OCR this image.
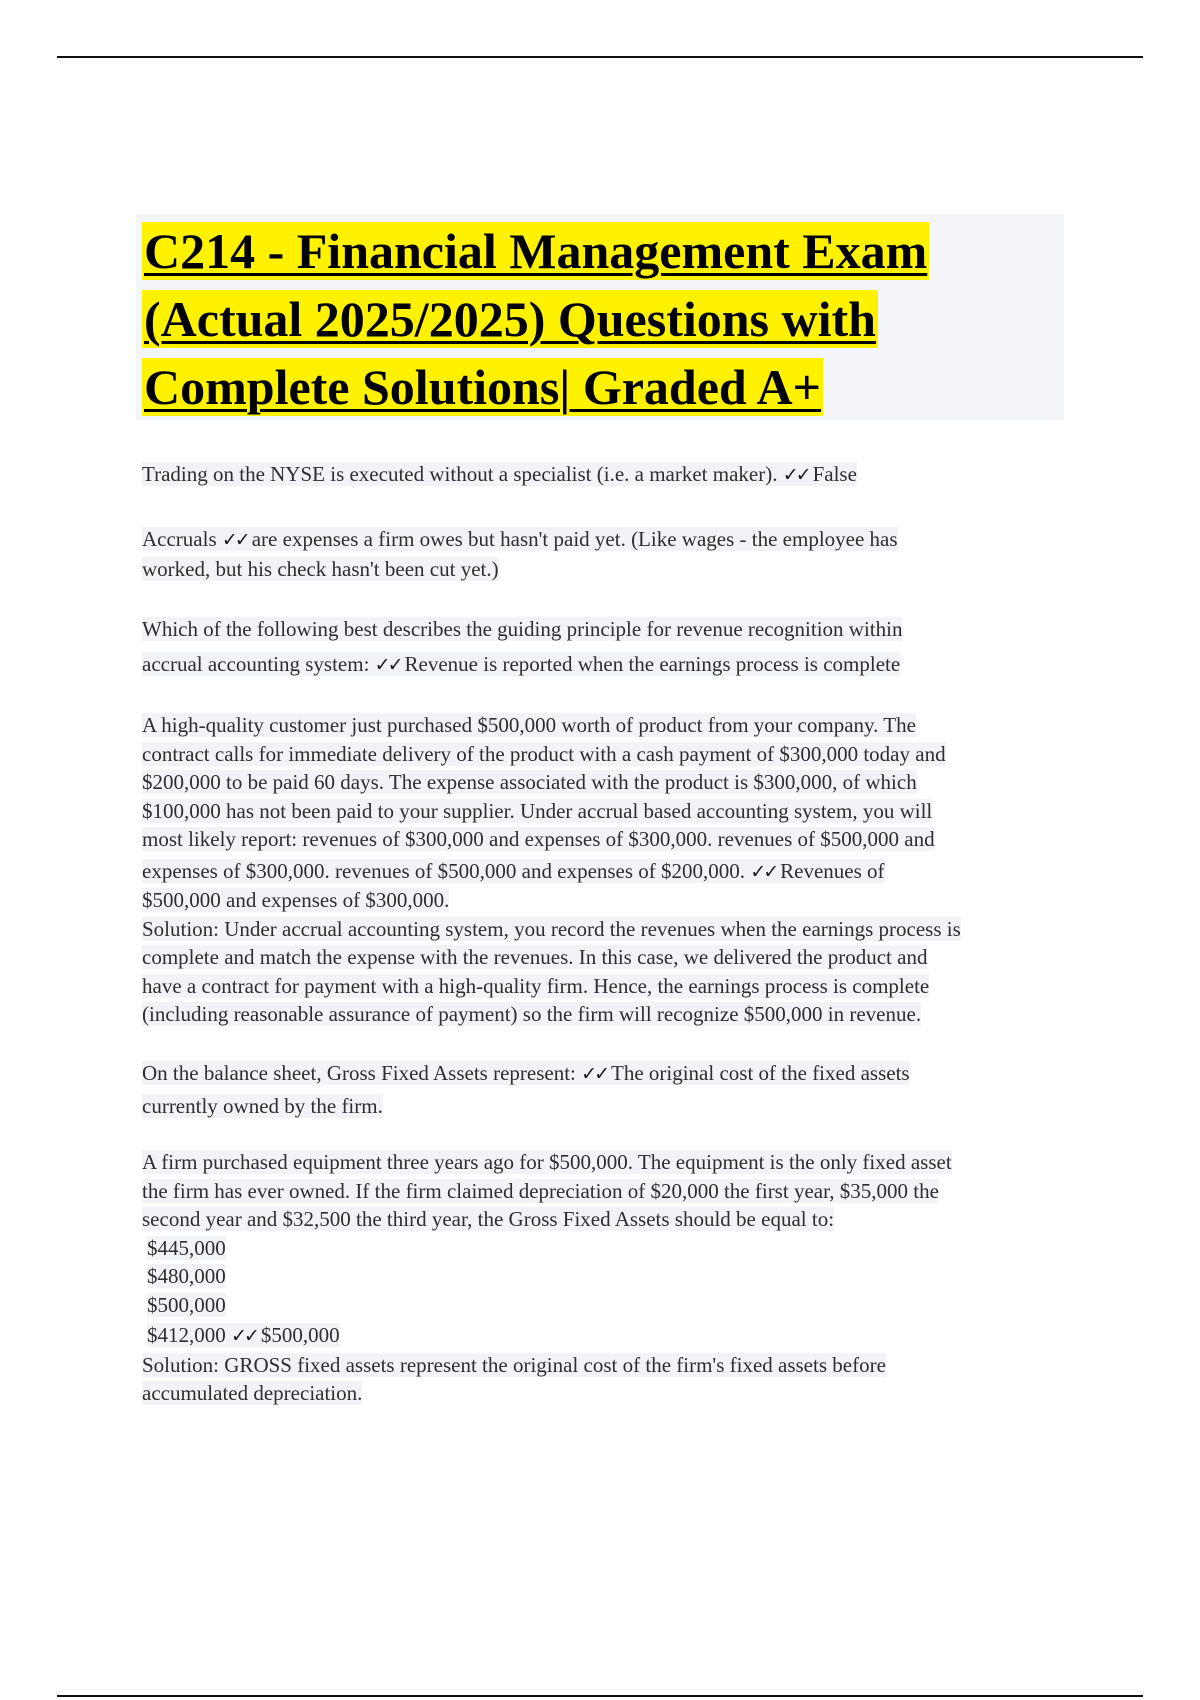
C214 - Financial Management Exam
(Actual 2025/2025) Questions with
Complete Solutions| Graded A+
Trading on the NYSE is executed without a specialist (i.e. a market maker). ✓✓ False
Accruals ✓✓ are expenses a firm owes but hasn't paid yet. (Like wages - the employee has
worked, but his check hasn't been cut yet.)
Which of the following best describes the guiding principle for revenue recognition within
accrual accounting system: ✓✓ Revenue is reported when the earnings process is complete
A high-quality customer just purchased $500,000 worth of product from your company. The
contract calls for immediate delivery of the product with a cash payment of $300,000 today and
$200,000 to be paid 60 days. The expense associated with the product is $300,000, of which
$100,000 has not been paid to your supplier. Under accrual based accounting system, you will
most likely report: revenues of $300,000 and expenses of $300,000. revenues of $500,000 and
expenses of $300,000. revenues of $500,000 and expenses of $200,000. ✓✓ Revenues of
$500,000 and expenses of $300,000.
Solution: Under accrual accounting system, you record the revenues when the earnings process is
complete and match the expense with the revenues. In this case, we delivered the product and
have a contract for payment with a high-quality firm. Hence, the earnings process is complete
(including reasonable assurance of payment) so the firm will recognize $500,000 in revenue.
On the balance sheet, Gross Fixed Assets represent: ✓✓ The original cost of the fixed assets
currently owned by the firm.
A firm purchased equipment three years ago for $500,000. The equipment is the only fixed asset
the firm has ever owned. If the firm claimed depreciation of $20,000 the first year, $35,000 the
second year and $32,500 the third year, the Gross Fixed Assets should be equal to:
$445,000
$480,000
$500,000
$412,000 ✓✓ $500,000
Solution: GROSS fixed assets represent the original cost of the firm's fixed assets before
accumulated depreciation.
